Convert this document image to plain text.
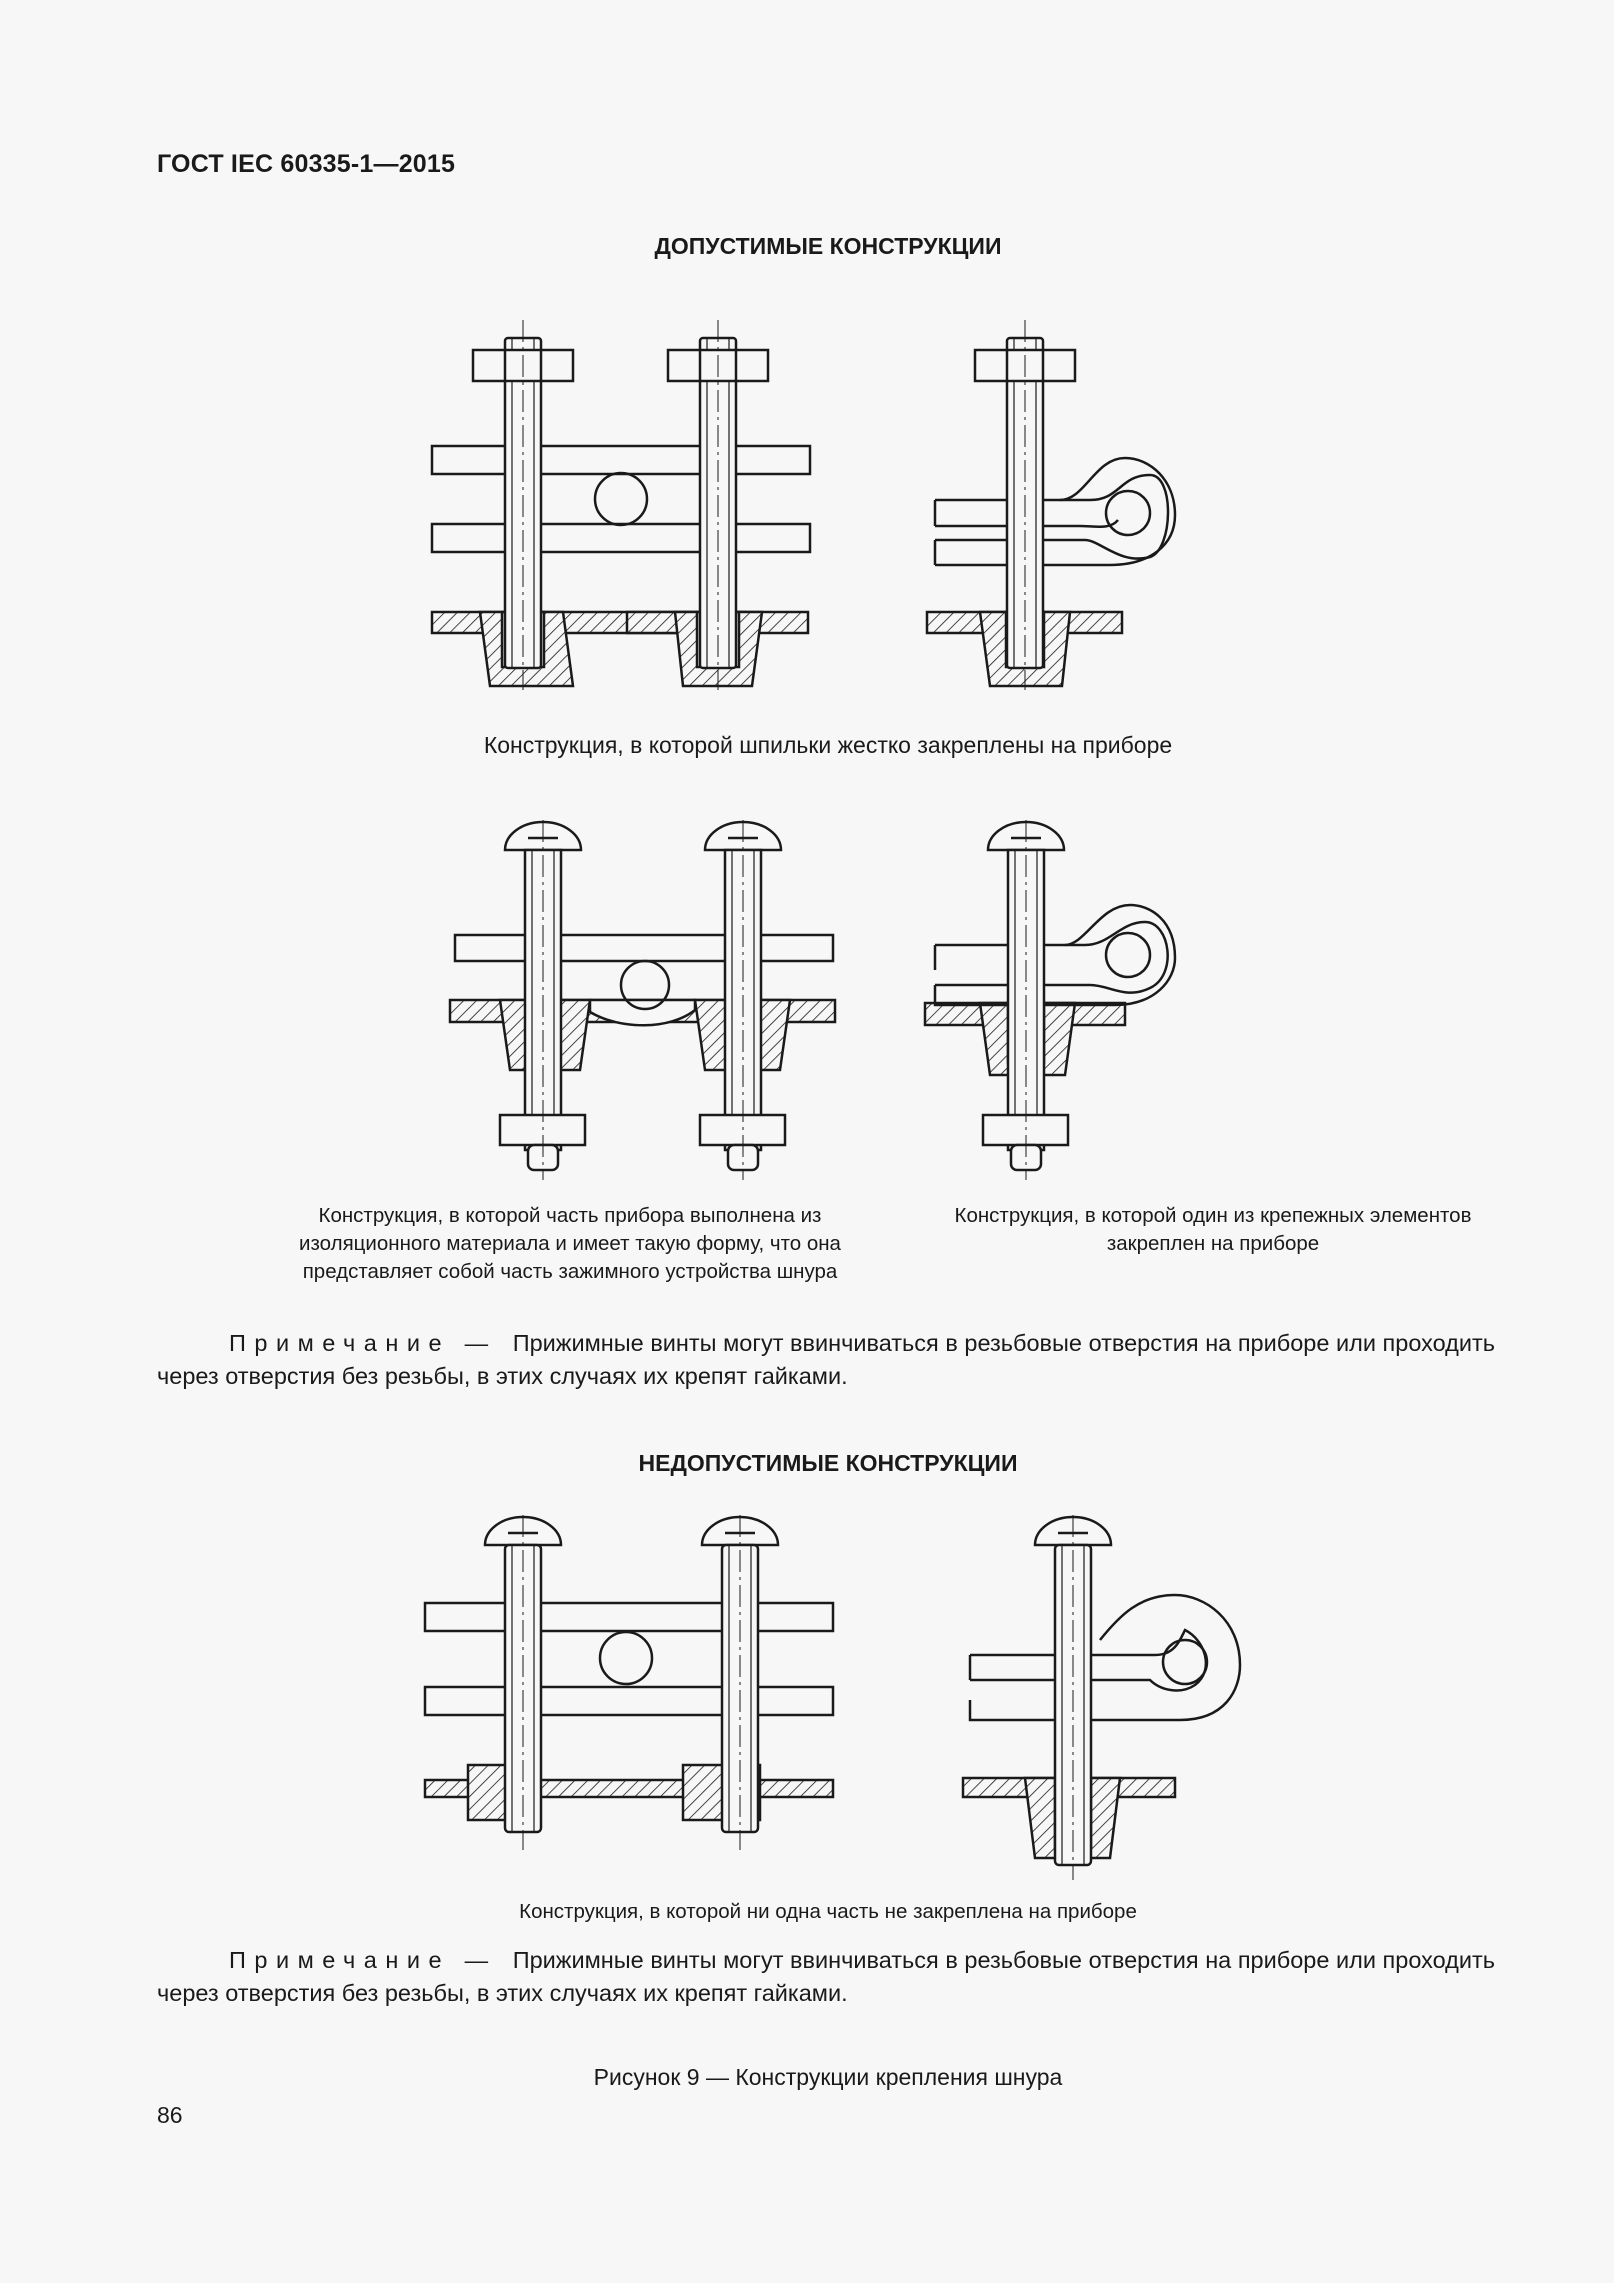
ГОСТ IEC 60335-1—2015
ДОПУСТИМЫЕ КОНСТРУКЦИИ
Конструкция, в которой шпильки жестко закреплены на приборе
Конструкция, в которой часть прибора выполнена из изоляционного материала и имеет такую форму, что она представляет собой часть зажимного устройства шнура
Конструкция, в которой один из крепежных элементов закреплен на приборе
Примечание — Прижимные винты могут ввинчиваться в резьбовые отверстия на приборе или проходить через отверстия без резьбы, в этих случаях их крепят гайками.
НЕДОПУСТИМЫЕ КОНСТРУКЦИИ
Конструкция, в которой ни одна часть не закреплена на приборе
Примечание — Прижимные винты могут ввинчиваться в резьбовые отверстия на приборе или проходить через отверстия без резьбы, в этих случаях их крепят гайками.
Рисунок 9 — Конструкции крепления шнура
86
